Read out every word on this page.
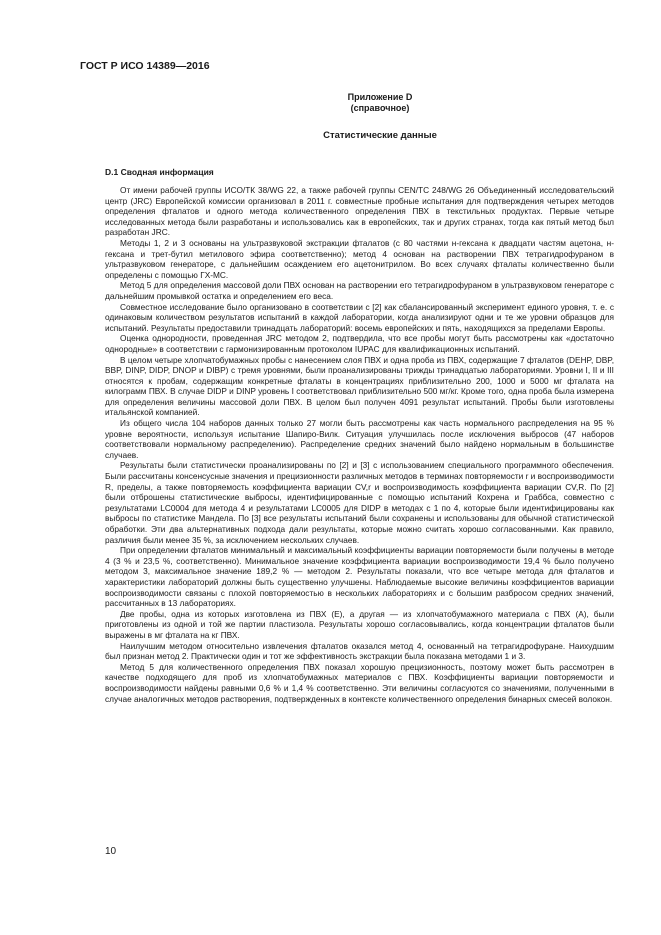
ГОСТ Р ИСО 14389—2016
Приложение D
(справочное)
Статистические данные
D.1 Сводная информация

От имени рабочей группы ИСО/ТК 38/WG 22, а также рабочей группы CEN/TC 248/WG 26 Объединенный исследовательский центр (JRC) Европейской комиссии организовал в 2011 г. совместные пробные испытания для подтверждения четырех методов определения фталатов и одного метода количественного определения ПВХ в текстильных продуктах. Первые четыре исследованных метода были разработаны и использовались как в европейских, так и других странах, тогда как пятый метод был разработан JRC.

Методы 1, 2 и 3 основаны на ультразвуковой экстракции фталатов (с 80 частями н-гексана к двадцати частям ацетона, н-гексана и трет-бутил метилового эфира соответственно); метод 4 основан на растворении ПВХ тетрагидрофураном в ультразвуковом генераторе, с дальнейшим осаждением его ацетонитрилом. Во всех случаях фталаты количественно были определены с помощью ГХ-МС.

Метод 5 для определения массовой доли ПВХ основан на растворении его тетрагидрофураном в ультразвуковом генераторе с дальнейшим промывкой остатка и определением его веса.

Совместное исследование было организовано в соответствии с [2] как сбалансированный эксперимент единого уровня, т. е. с одинаковым количеством результатов испытаний в каждой лаборатории, когда анализируют одни и те же уровни образцов для испытаний. Результаты предоставили тринадцать лабораторий: восемь европейских и пять, находящихся за пределами Европы.

Оценка однородности, проведенная JRC методом 2, подтвердила, что все пробы могут быть рассмотрены как «достаточно однородные» в соответствии с гармонизированным протоколом IUPAC для квалификационных испытаний.

В целом четыре хлопчатобумажных пробы с нанесением слоя ПВХ и одна проба из ПВХ, содержащие 7 фталатов (DEHP, DBP, BBP, DINP, DIDP, DNOP и DIBP) с тремя уровнями, были проанализированы трижды тринадцатью лабораториями. Уровни I, II и III относятся к пробам, содержащим конкретные фталаты в концентрациях приблизительно 200, 1000 и 5000 мг фталата на килограмм ПВХ. В случае DIDP и DINP уровень I соответствовал приблизительно 500 мг/кг. Кроме того, одна проба была измерена для определения величины массовой доли ПВХ. В целом был получен 4091 результат испытаний. Пробы были изготовлены итальянской компанией.

Из общего числа 104 наборов данных только 27 могли быть рассмотрены как часть нормального распределения на 95 % уровне вероятности, используя испытание Шапиро-Вилк. Ситуация улучшилась после исключения выбросов (47 наборов соответствовали нормальному распределению). Распределение средних значений было найдено нормальным в большинстве случаев.

Результаты были статистически проанализированы по [2] и [3] с использованием специального программного обеспечения. Были рассчитаны консенсусные значения и прецизионности различных методов в терминах повторяемости r и воспроизводимости R, пределы, а также повторяемость коэффициента вариации CV,r и воспроизводимость коэффициента вариации CV,R. По [2] были отброшены статистические выбросы, идентифицированные с помощью испытаний Кохрена и Граббса, совместно с результатами LC0004 для метода 4 и результатами LC0005 для DIDP в методах с 1 по 4, которые были идентифицированы как выбросы по статистике Мандела. По [3] все результаты испытаний были сохранены и использованы для обычной статистической обработки. Эти два альтернативных подхода дали результаты, которые можно считать хорошо согласованными. Как правило, различия были менее 35 %, за исключением нескольких случаев.

При определении фталатов минимальный и максимальный коэффициенты вариации повторяемости были получены в методе 4 (3 % и 23,5 %, соответственно). Минимальное значение коэффициента вариации воспроизводимости 19,4 % было получено методом 3, максимальное значение 189,2 % — методом 2. Результаты показали, что все четыре метода для фталатов и характеристики лабораторий должны быть существенно улучшены. Наблюдаемые высокие величины коэффициентов вариации воспроизводимости связаны с плохой повторяемостью в нескольких лабораториях и с большим разбросом средних значений, рассчитанных в 13 лабораториях.

Две пробы, одна из которых изготовлена из ПВХ (E), а другая — из хлопчатобумажного материала с ПВХ (A), были приготовлены из одной и той же партии пластизола. Результаты хорошо согласовывались, когда концентрации фталатов были выражены в мг фталата на кг ПВХ.

Наилучшим методом относительно извлечения фталатов оказался метод 4, основанный на тетрагидрофуране. Наихудшим был признан метод 2. Практически один и тот же эффективность экстракции была показана методами 1 и 3.

Метод 5 для количественного определения ПВХ показал хорошую прецизионность, поэтому может быть рассмотрен в качестве подходящего для проб из хлопчатобумажных материалов с ПВХ. Коэффициенты вариации повторяемости и воспроизводимости найдены равными 0,6 % и 1,4 % соответственно. Эти величины согласуются со значениями, полученными в случае аналогичных методов растворения, подтвержденных в контексте количественного определения бинарных смесей волокон.

10
